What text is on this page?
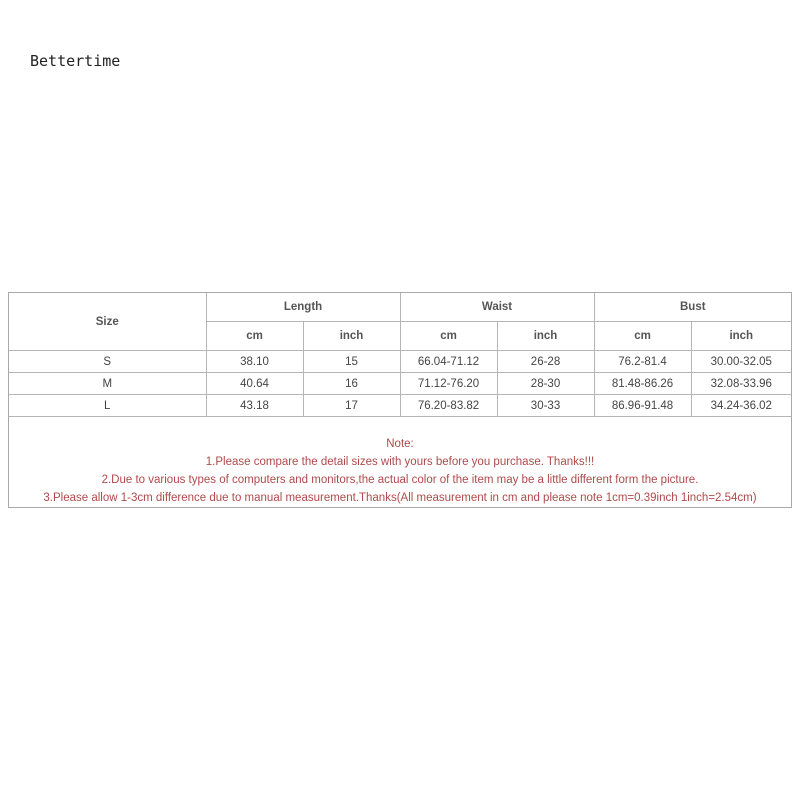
Bettertime
Size	Length		Waist		Bust	
	cm	inch	cm	inch	cm	inch
S	38.10	15	66.04-71.12	26-28	76.2-81.4	30.00-32.05
M	40.64	16	71.12-76.20	28-30	81.48-86.26	32.08-33.96
L	43.18	17	76.20-83.82	30-33	86.96-91.48	34.24-36.02
Note:
1.Please compare the detail sizes with yours before you purchase. Thanks!!!
2.Due to various types of computers and monitors,the actual color of the item may be a little different form the picture.
3.Please allow 1-3cm difference due to manual measurement.Thanks(All measurement in cm and please note 1cm=0.39inch 1inch=2.54cm)
